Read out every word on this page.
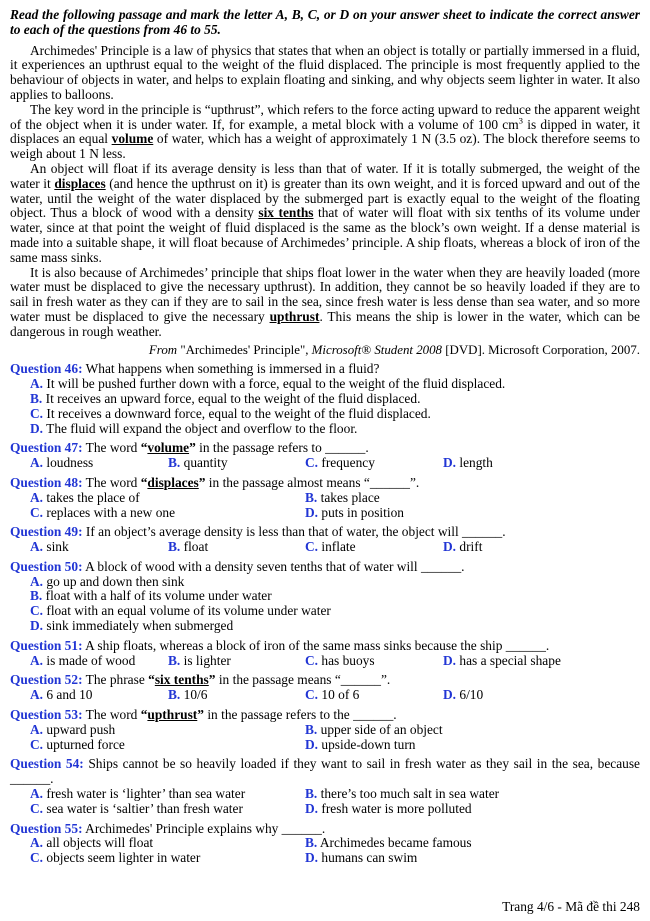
Read the following passage and mark the letter A, B, C, or D on your answer sheet to indicate the correct answer to each of the questions from 46 to 55.

Archimedes' Principle is a law of physics that states that when an object is totally or partially immersed in a fluid, it experiences an upthrust equal to the weight of the fluid displaced. The principle is most frequently applied to the behaviour of objects in water, and helps to explain floating and sinking, and why objects seem lighter in water. It also applies to balloons.

The key word in the principle is “upthrust”, which refers to the force acting upward to reduce the apparent weight of the object when it is under water. If, for example, a metal block with a volume of 100 $cm^3$ is dipped in water, it displaces an equal volume of water, which has a weight of approximately 1 N (3.5 oz). The block therefore seems to weigh about 1 N less.

An object will float if its average density is less than that of water. If it is totally submerged, the weight of the water it displaces (and hence the upthrust on it) is greater than its own weight, and it is forced upward and out of the water, until the weight of the water displaced by the submerged part is exactly equal to the weight of the floating object. Thus a block of wood with a density six tenths that of water will float with six tenths of its volume under water, since at that point the weight of fluid displaced is the same as the block’s own weight. If a dense material is made into a suitable shape, it will float because of Archimedes’ principle. A ship floats, whereas a block of iron of the same mass sinks.

It is also because of Archimedes’ principle that ships float lower in the water when they are heavily loaded (more water must be displaced to give the necessary upthrust). In addition, they cannot be so heavily loaded if they are to sail in fresh water as they can if they are to sail in the sea, since fresh water is less dense than sea water, and so more water must be displaced to give the necessary upthrust. This means the ship is lower in the water, which can be dangerous in rough weather.

From "Archimedes' Principle", Microsoft® Student 2008 [DVD]. Microsoft Corporation, 2007.
Question 46: What happens when something is immersed in a fluid?
A. It will be pushed further down with a force, equal to the weight of the fluid displaced.
B. It receives an upward force, equal to the weight of the fluid displaced.
C. It receives a downward force, equal to the weight of the fluid displaced.
D. The fluid will expand the object and overflow to the floor.
Question 47: The word “volume” in the passage refers to ______.
A. loudness	B. quantity	C. frequency	D. length
Question 48: The word “displaces” in the passage almost means “______”.
A. takes the place of	B. takes place
C. replaces with a new one	D. puts in position
Question 49: If an object’s average density is less than that of water, the object will ______.
A. sink	B. float	C. inflate	D. drift
Question 50: A block of wood with a density seven tenths that of water will ______.
A. go up and down then sink
B. float with a half of its volume under water
C. float with an equal volume of its volume under water
D. sink immediately when submerged
Question 51: A ship floats, whereas a block of iron of the same mass sinks because the ship ______.
A. is made of wood	B. is lighter	C. has buoys	D. has a special shape
Question 52: The phrase “six tenths” in the passage means “______”.
A. 6 and 10	B. 10/6	C. 10 of 6	D. 6/10
Question 53: The word “upthrust” in the passage refers to the ______.
A. upward push	B. upper side of an object
C. upturned force	D. upside-down turn
Question 54: Ships cannot be so heavily loaded if they want to sail in fresh water as they sail in the sea, because ______.
A. fresh water is ‘lighter’ than sea water	B. there’s too much salt in sea water
C. sea water is ‘saltier’ than fresh water	D. fresh water is more polluted
Question 55: Archimedes' Principle explains why ______.
A. all objects will float	B. Archimedes became famous
C. objects seem lighter in water	D. humans can swim
Trang 4/6 - Mã đề thi 248
